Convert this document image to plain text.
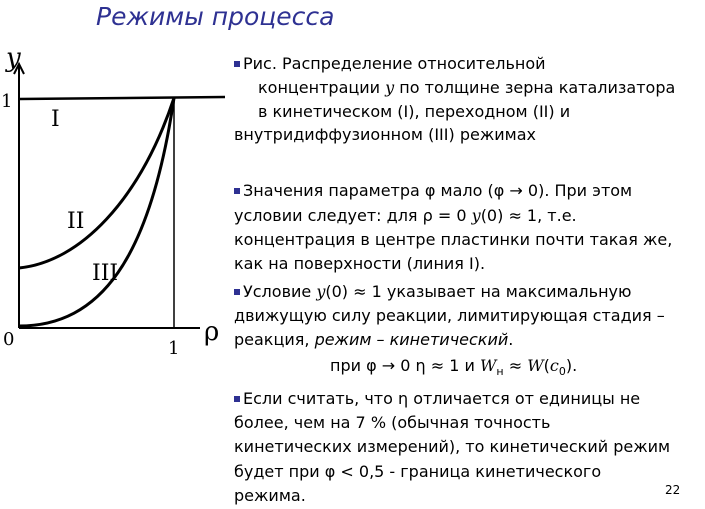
Режимы процесса
y
ρ
1
0	1
I
II
III
Рис. Распределение относительной
концентрации y по толщине зерна катализатора
в кинетическом (I), переходном (II) и
внутридиффузионном (III) режимах
Значения параметра φ мало (φ → 0). При этом
условии следует: для ρ = 0 y(0) ≈ 1, т.е.
концентрация в центре пластинки почти такая же,
как на поверхности (линия I).
Условие y(0) ≈ 1 указывает на максимальную
движущую силу реакции, лимитирующая стадия –
реакция, режим – кинетический.
при φ → 0 η ≈ 1 и $W_н \approx W(c_0)$.
Если считать, что η отличается от единицы не
более, чем на 7 % (обычная точность
кинетических измерений), то кинетический режим
будет при φ < 0,5 - граница кинетического
режима.	22
